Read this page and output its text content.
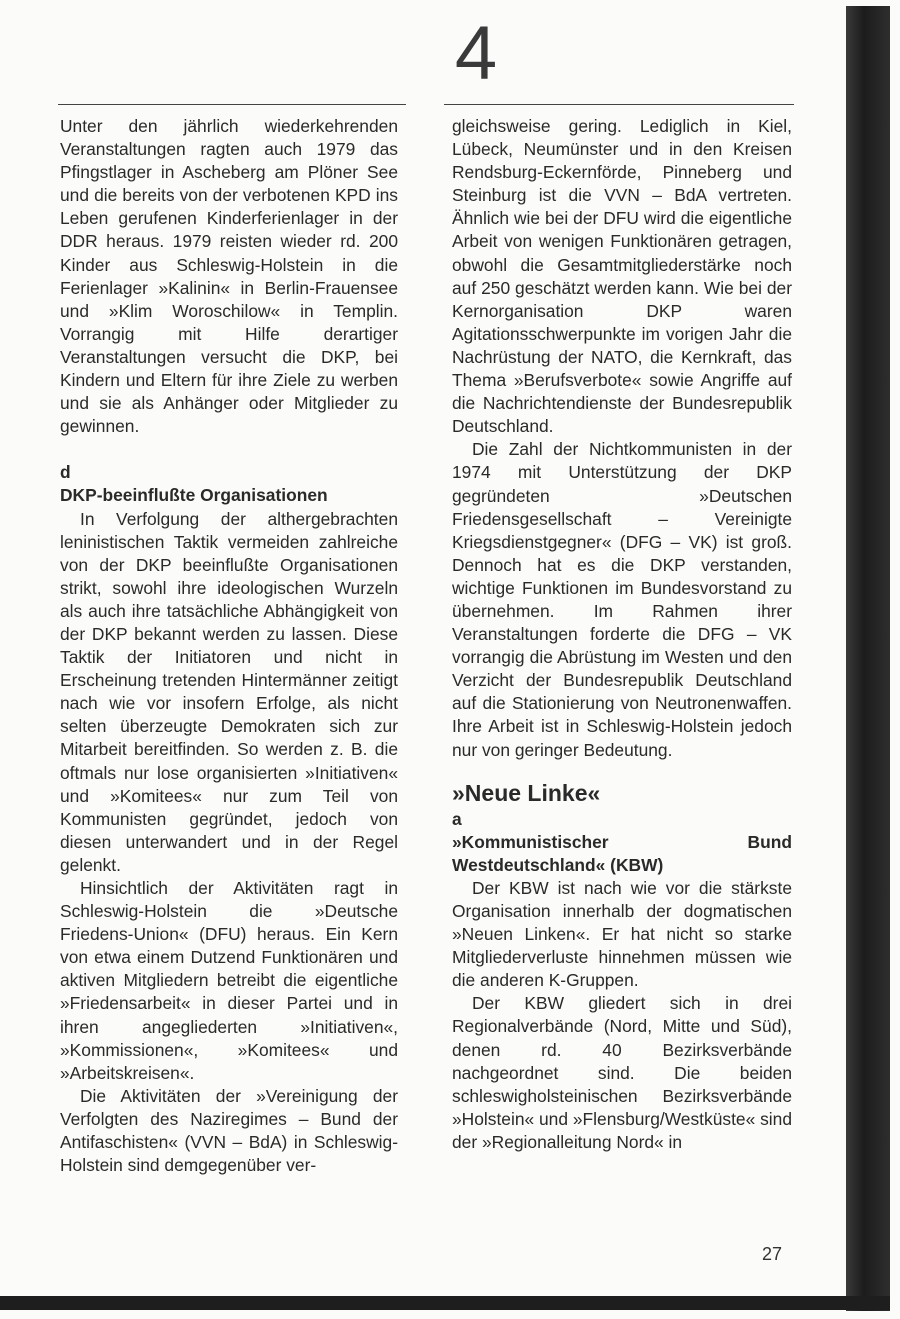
4

Unter den jährlich wiederkehrenden Veranstaltungen ragten auch 1979 das Pfingstlager in Ascheberg am Plöner See und die bereits von der verbotenen KPD ins Leben gerufenen Kinderferienlager in der DDR heraus. 1979 reisten wieder rd. 200 Kinder aus Schleswig-Holstein in die Ferienlager »Kalinin« in Berlin-Frauensee und »Klim Woroschilow« in Templin. Vorrangig mit Hilfe derartiger Veranstaltungen versucht die DKP, bei Kindern und Eltern für ihre Ziele zu werben und sie als Anhänger oder Mitglieder zu gewinnen.

d

DKP-beeinflußte Organisationen

In Verfolgung der althergebrachten leninistischen Taktik vermeiden zahlreiche von der DKP beeinflußte Organisationen strikt, sowohl ihre ideologischen Wurzeln als auch ihre tatsächliche Abhängigkeit von der DKP bekannt werden zu lassen. Diese Taktik der Initiatoren und nicht in Erscheinung tretenden Hintermänner zeitigt nach wie vor insofern Erfolge, als nicht selten überzeugte Demokraten sich zur Mitarbeit bereitfinden. So werden z. B. die oftmals nur lose organisierten »Initiativen« und »Komitees« nur zum Teil von Kommunisten gegründet, jedoch von diesen unterwandert und in der Regel gelenkt.

Hinsichtlich der Aktivitäten ragt in Schleswig-Holstein die »Deutsche Friedens-Union« (DFU) heraus. Ein Kern von etwa einem Dutzend Funktionären und aktiven Mitgliedern betreibt die eigentliche »Friedensarbeit« in dieser Partei und in ihren angegliederten »Initiativen«, »Kommissionen«, »Komitees« und »Arbeitskreisen«.

Die Aktivitäten der »Vereinigung der Verfolgten des Naziregimes – Bund der Antifaschisten« (VVN – BdA) in Schleswig-Holstein sind demgegenüber ver-

gleichsweise gering. Lediglich in Kiel, Lübeck, Neumünster und in den Kreisen Rendsburg-Eckernförde, Pinneberg und Steinburg ist die VVN – BdA vertreten. Ähnlich wie bei der DFU wird die eigentliche Arbeit von wenigen Funktionären getragen, obwohl die Gesamtmitgliederstärke noch auf 250 geschätzt werden kann. Wie bei der Kernorganisation DKP waren Agitationsschwerpunkte im vorigen Jahr die Nachrüstung der NATO, die Kernkraft, das Thema »Berufsverbote« sowie Angriffe auf die Nachrichtendienste der Bundesrepublik Deutschland.

Die Zahl der Nichtkommunisten in der 1974 mit Unterstützung der DKP gegründeten »Deutschen Friedensgesellschaft – Vereinigte Kriegsdienstgegner« (DFG – VK) ist groß. Dennoch hat es die DKP verstanden, wichtige Funktionen im Bundesvorstand zu übernehmen. Im Rahmen ihrer Veranstaltungen forderte die DFG – VK vorrangig die Abrüstung im Westen und den Verzicht der Bundesrepublik Deutschland auf die Stationierung von Neutronenwaffen. Ihre Arbeit ist in Schleswig-Holstein jedoch nur von geringer Bedeutung.

»Neue Linke«

a

»Kommunistischer Bund Westdeutschland« (KBW)

Der KBW ist nach wie vor die stärkste Organisation innerhalb der dogmatischen »Neuen Linken«. Er hat nicht so starke Mitgliederverluste hinnehmen müssen wie die anderen K-Gruppen.

Der KBW gliedert sich in drei Regionalverbände (Nord, Mitte und Süd), denen rd. 40 Bezirksverbände nachgeordnet sind. Die beiden schleswigholsteinischen Bezirksverbände »Holstein« und »Flensburg/Westküste« sind der »Regionalleitung Nord« in

27
